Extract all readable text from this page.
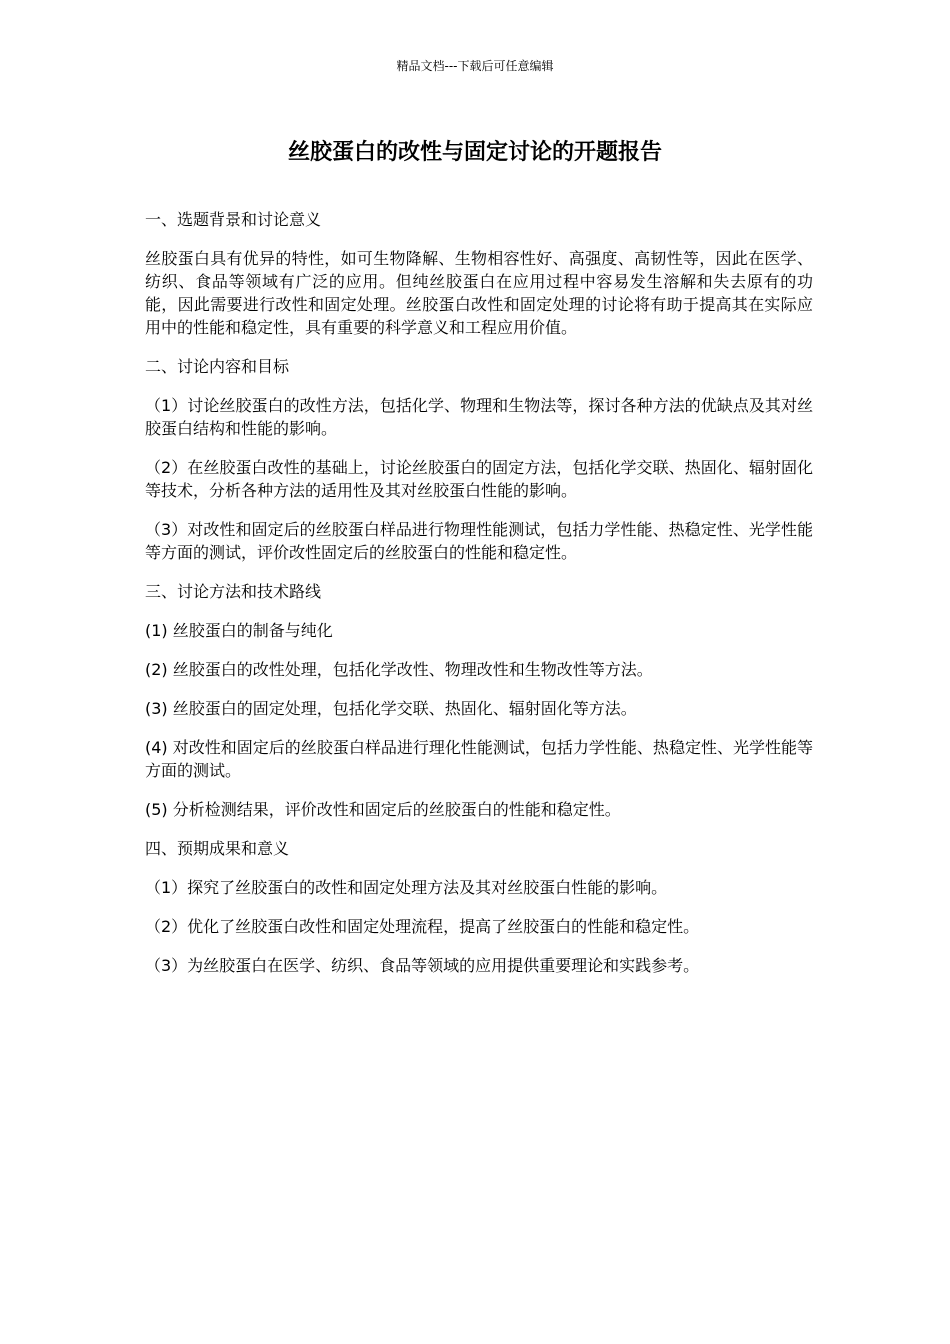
精品文档---下载后可任意编辑
丝胶蛋白的改性与固定讨论的开题报告

一、选题背景和讨论意义

丝胶蛋白具有优异的特性，如可生物降解、生物相容性好、高强度、高韧性等，因此在医学、纺织、食品等领域有广泛的应用。但纯丝胶蛋白在应用过程中容易发生溶解和失去原有的功能，因此需要进行改性和固定处理。丝胶蛋白改性和固定处理的讨论将有助于提高其在实际应用中的性能和稳定性，具有重要的科学意义和工程应用价值。

二、讨论内容和目标

（1）讨论丝胶蛋白的改性方法，包括化学、物理和生物法等，探讨各种方法的优缺点及其对丝胶蛋白结构和性能的影响。

（2）在丝胶蛋白改性的基础上，讨论丝胶蛋白的固定方法，包括化学交联、热固化、辐射固化等技术，分析各种方法的适用性及其对丝胶蛋白性能的影响。

（3）对改性和固定后的丝胶蛋白样品进行物理性能测试，包括力学性能、热稳定性、光学性能等方面的测试，评价改性固定后的丝胶蛋白的性能和稳定性。

三、讨论方法和技术路线

(1) 丝胶蛋白的制备与纯化

(2) 丝胶蛋白的改性处理，包括化学改性、物理改性和生物改性等方法。

(3) 丝胶蛋白的固定处理，包括化学交联、热固化、辐射固化等方法。

(4) 对改性和固定后的丝胶蛋白样品进行理化性能测试，包括力学性能、热稳定性、光学性能等方面的测试。

(5) 分析检测结果，评价改性和固定后的丝胶蛋白的性能和稳定性。

四、预期成果和意义

（1）探究了丝胶蛋白的改性和固定处理方法及其对丝胶蛋白性能的影响。

（2）优化了丝胶蛋白改性和固定处理流程，提高了丝胶蛋白的性能和稳定性。

（3）为丝胶蛋白在医学、纺织、食品等领域的应用提供重要理论和实践参考。
